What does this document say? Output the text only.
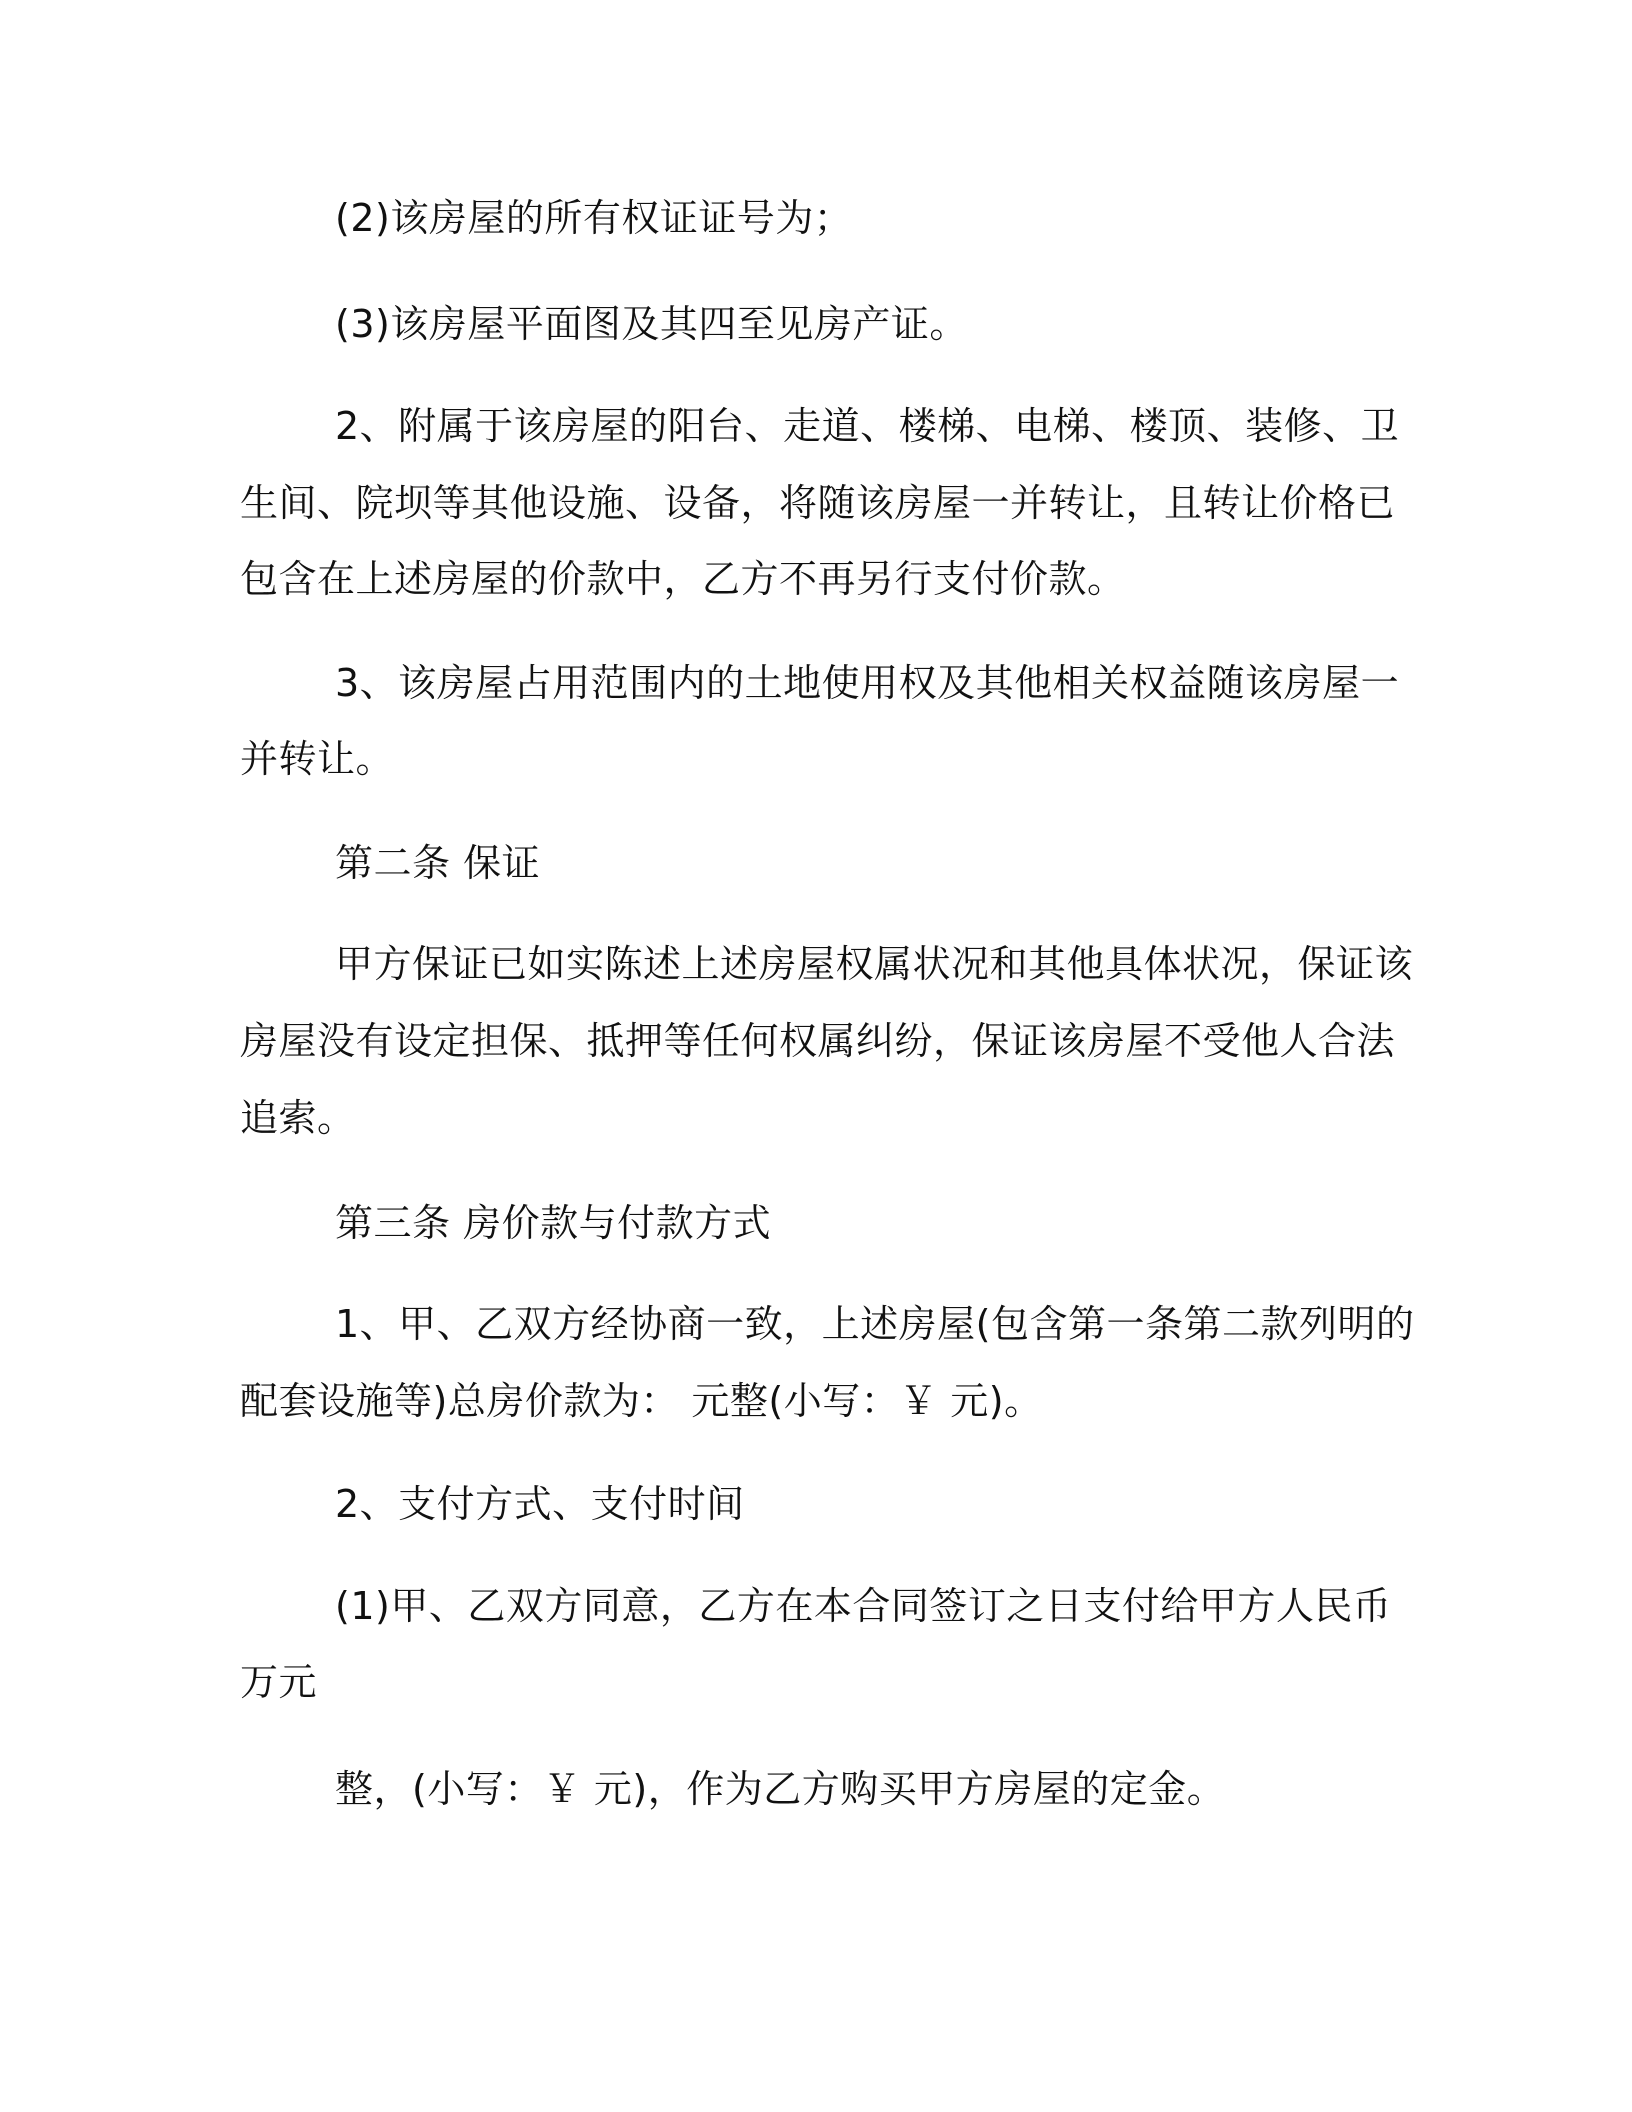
(2)该房屋的所有权证证号为；
(3)该房屋平面图及其四至见房产证。
2、附属于该房屋的阳台、走道、楼梯、电梯、楼顶、装修、卫
生间、院坝等其他设施、设备，将随该房屋一并转让，且转让价格已
包含在上述房屋的价款中，乙方不再另行支付价款。
3、该房屋占用范围内的土地使用权及其他相关权益随该房屋一
并转让。
第二条 保证
甲方保证已如实陈述上述房屋权属状况和其他具体状况，保证该
房屋没有设定担保、抵押等任何权属纠纷，保证该房屋不受他人合法
追索。
第三条 房价款与付款方式
1、甲、乙双方经协商一致，上述房屋(包含第一条第二款列明的
配套设施等)总房价款为： 元整(小写：￥ 元)。
2、支付方式、支付时间
(1)甲、乙双方同意，乙方在本合同签订之日支付给甲方人民币
万元
整，(小写：￥ 元)，作为乙方购买甲方房屋的定金。
